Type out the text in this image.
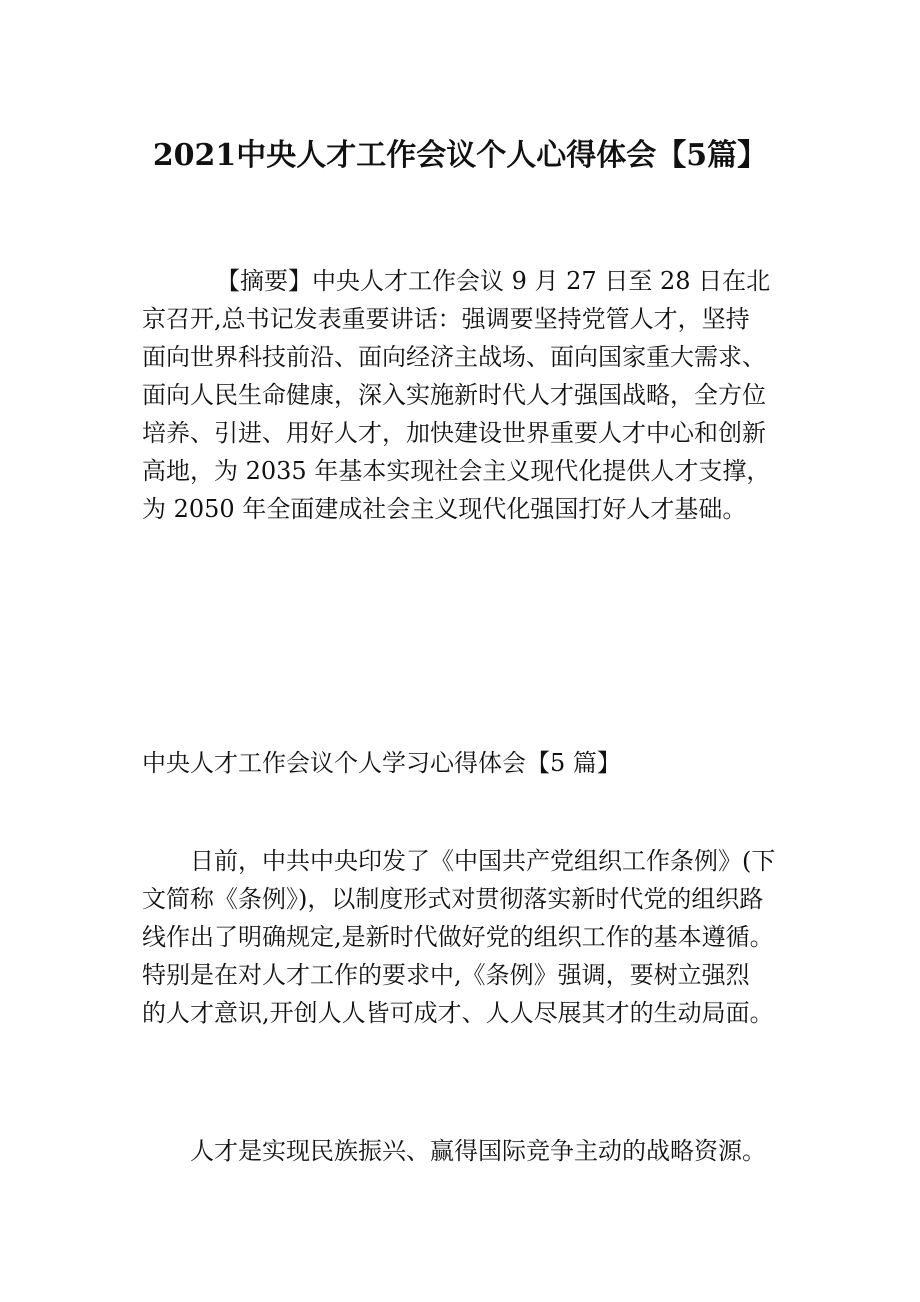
2021中央人才工作会议个人心得体会【5篇】
【摘要】中央人才工作会议 9 月 27 日至 28 日在北
京召开,总书记发表重要讲话：强调要坚持党管人才，坚持
面向世界科技前沿、面向经济主战场、面向国家重大需求、
面向人民生命健康，深入实施新时代人才强国战略，全方位
培养、引进、用好人才，加快建设世界重要人才中心和创新
高地，为 2035 年基本实现社会主义现代化提供人才支撑，
为 2050 年全面建成社会主义现代化强国打好人才基础。
中央人才工作会议个人学习心得体会【5 篇】
日前，中共中央印发了《中国共产党组织工作条例》(下
文简称《条例》)，以制度形式对贯彻落实新时代党的组织路
线作出了明确规定,是新时代做好党的组织工作的基本遵循。
特别是在对人才工作的要求中,《条例》强调，要树立强烈
的人才意识,开创人人皆可成才、人人尽展其才的生动局面。
人才是实现民族振兴、赢得国际竞争主动的战略资源。
